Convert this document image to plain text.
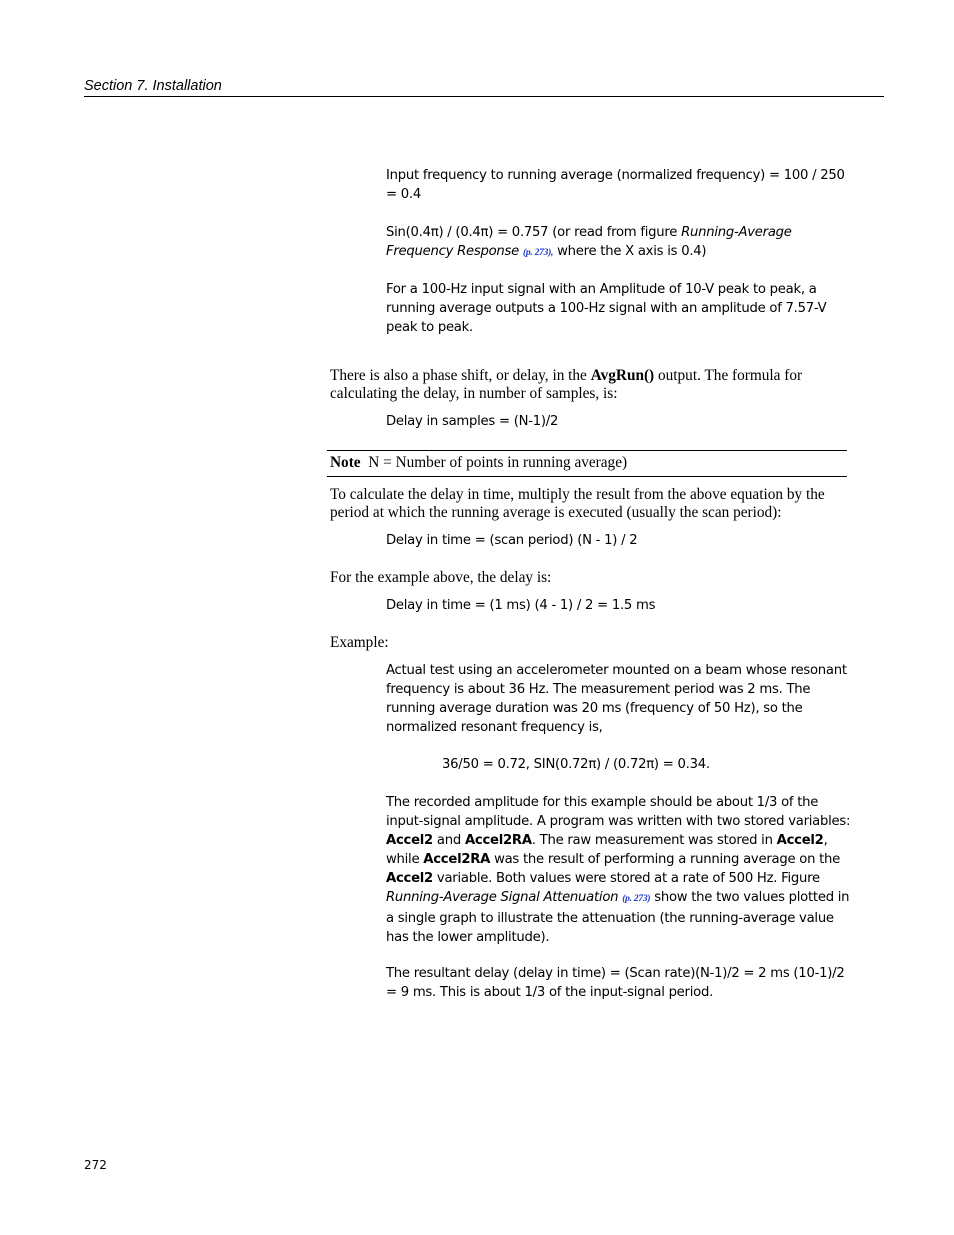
Section 7. Installation
Input frequency to running average (normalized frequency) = 100 / 250 = 0.4
Sin(0.4π) / (0.4π) = 0.757 (or read from figure Running-Average Frequency Response (p. 273), where the X axis is 0.4)
For a 100-Hz input signal with an Amplitude of 10-V peak to peak, a running average outputs a 100-Hz signal with an amplitude of 7.57-V peak to peak.
There is also a phase shift, or delay, in the AvgRun() output. The formula for calculating the delay, in number of samples, is:
Delay in samples = (N-1)/2
Note N = Number of points in running average)
To calculate the delay in time, multiply the result from the above equation by the period at which the running average is executed (usually the scan period):
Delay in time = (scan period) (N - 1) / 2
For the example above, the delay is:
Delay in time = (1 ms) (4 - 1) / 2 = 1.5 ms
Example:
Actual test using an accelerometer mounted on a beam whose resonant frequency is about 36 Hz. The measurement period was 2 ms. The running average duration was 20 ms (frequency of 50 Hz), so the normalized resonant frequency is,
36/50 = 0.72, SIN(0.72π) / (0.72π) = 0.34.
The recorded amplitude for this example should be about 1/3 of the input-signal amplitude. A program was written with two stored variables: Accel2 and Accel2RA. The raw measurement was stored in Accel2, while Accel2RA was the result of performing a running average on the Accel2 variable. Both values were stored at a rate of 500 Hz. Figure Running-Average Signal Attenuation (p. 273) show the two values plotted in a single graph to illustrate the attenuation (the running-average value has the lower amplitude).
The resultant delay (delay in time) = (Scan rate)(N-1)/2 = 2 ms (10-1)/2 = 9 ms. This is about 1/3 of the input-signal period.
272
